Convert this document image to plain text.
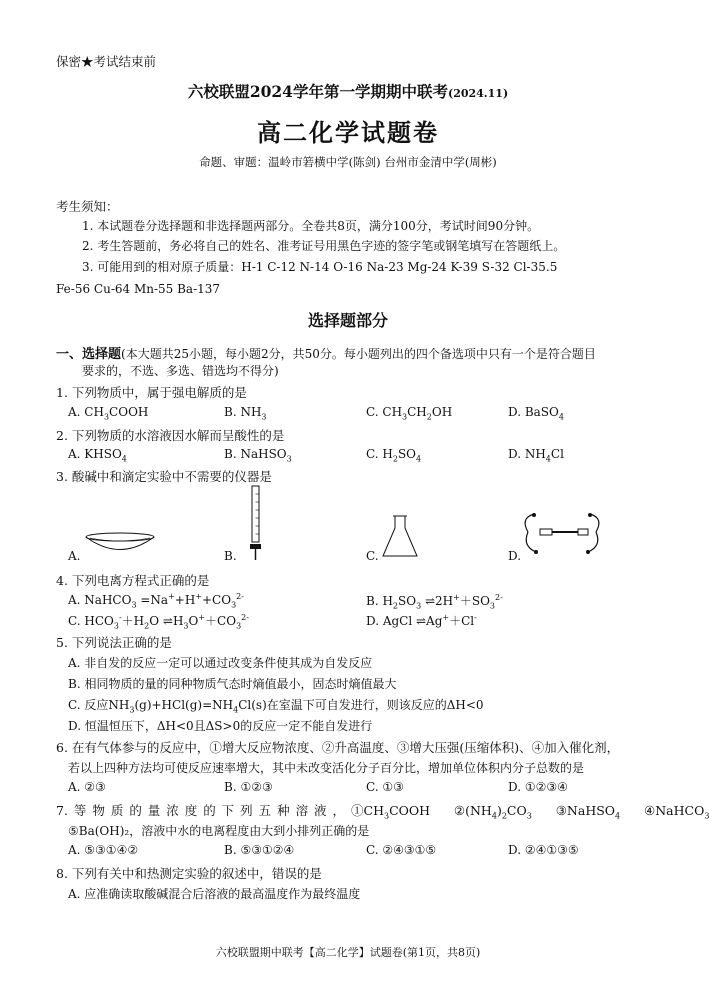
保密★考试结束前
六校联盟2024学年第一学期期中联考(2024.11)
高二化学试题卷
命题、审题：温岭市箬横中学(陈剑) 台州市金清中学(周彬)
考生须知：
1. 本试题卷分选择题和非选择题两部分。全卷共8页，满分100分，考试时间90分钟。
2. 考生答题前，务必将自己的姓名、准考证号用黑色字迹的签字笔或钢笔填写在答题纸上。
3. 可能用到的相对原子质量：H-1 C-12 N-14 O-16 Na-23 Mg-24 K-39 S-32 Cl-35.5
Fe-56 Cu-64 Mn-55 Ba-137
选择题部分
一、选择题(本大题共25小题，每小题2分，共50分。每小题列出的四个备选项中只有一个是符合题目
要求的，不选、多选、错选均不得分)
1. 下列物质中，属于强电解质的是
A. $CH_3COOH$	B. $NH_3$	C. $CH_3CH_2OH$	D. BaSO$_4$
2. 下列物质的水溶液因水解而呈酸性的是
A. $KHSO_4$	B. NaHSO$_3$	C. $H_2SO_4$	D. $NH_4Cl$
3. 酸碱中和滴定实验中不需要的仪器是
A.	B.	C.	D.
4. 下列电离方程式正确的是
A. NaHCO$_3$ $=Na^++H^++CO_3^{2-}$	B. $H_2SO_3$ $\rightleftharpoons 2H^++SO_3^{2-}$
C. $HCO_3^-+H_2O$ $\rightleftharpoons H_3O^++CO_3^{2-}$	D. AgCl ⇌Ag+＋Cl-
5. 下列说法正确的是
A. 非自发的反应一定可以通过改变条件使其成为自发反应
B. 相同物质的量的同种物质气态时熵值最小，固态时熵值最大
C. 反应$NH_3(g)+HCl(g)=NH_4Cl(s)$在室温下可自发进行，则该反应的ΔH<0
D. 恒温恒压下，ΔH<0且ΔS>0的反应一定不能自发进行
6. 在有气体参与的反应中，①增大反应物浓度、②升高温度、③增大压强(压缩体积)、④加入催化剂，
若以上四种方法均可使反应速率增大，其中未改变活化分子百分比，增加单位体积内分子总数的是
A. ②③	B. ①②③	C. ①③	D. ①②③④
7. 等 物 质 的 量 浓 度 的 下 列 五 种 溶 液 ， $①CH_3COOH$    $②(NH_4)_2CO_3$    ③NaHSO$_4$    ④NaHCO$_3$
⑤Ba(OH)₂，溶液中水的电离程度由大到小排列正确的是
A. ⑤③①④②	B. ⑤③①②④	C. ②④③①⑤	D. ②④①③⑤
8. 下列有关中和热测定实验的叙述中，错误的是
A. 应准确读取酸碱混合后溶液的最高温度作为最终温度
六校联盟期中联考【高二化学】试题卷(第1页，共8页)
